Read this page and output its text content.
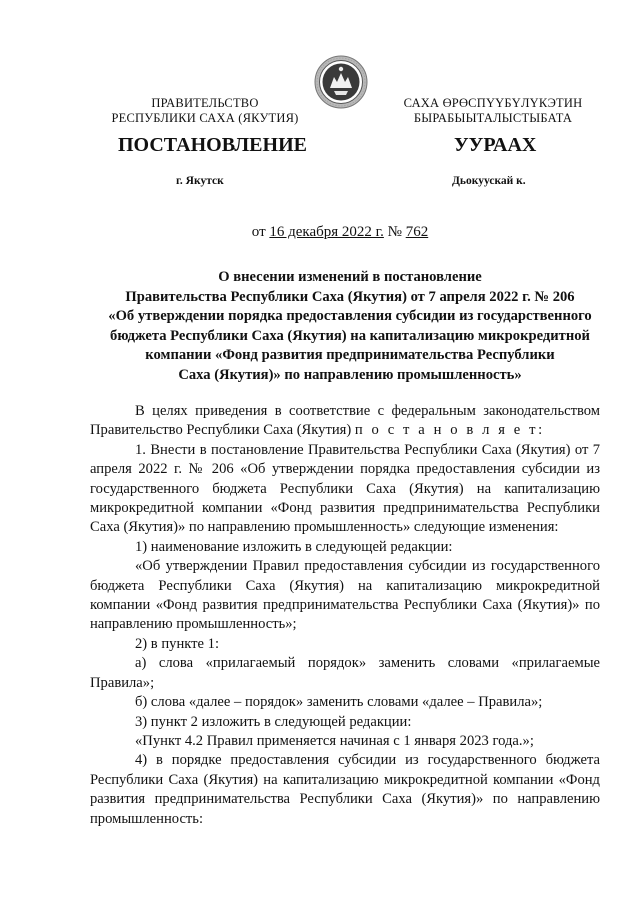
ПРАВИТЕЛЬСТВО
РЕСПУБЛИКИ САХА (ЯКУТИЯ)
САХА ӨРӨСПҮҮБҮЛҮКЭТИН
БЫРАБЫЫТАЛЫСТЫБАТА
ПОСТАНОВЛЕНИЕ	УУРААХ
г. Якутск	Дьокуускай к.
от 16 декабря 2022 г. № 762
О внесении изменений в постановление
Правительства Республики Саха (Якутия) от 7 апреля 2022 г. № 206
«Об утверждении порядка предоставления субсидии из государственного
бюджета Республики Саха (Якутия) на капитализацию микрокредитной
компании «Фонд развития предпринимательства Республики
Саха (Якутия)» по направлению промышленность»

В целях приведения в соответствие с федеральным законодательством Правительство Республики Саха (Якутия) п о с т а н о в л я е т:

1. Внести в постановление Правительства Республики Саха (Якутия) от 7 апреля 2022 г. № 206 «Об утверждении порядка предоставления субсидии из государственного бюджета Республики Саха (Якутия) на капитализацию микрокредитной компании «Фонд развития предпринимательства Республики Саха (Якутия)» по направлению промышленность» следующие изменения:

1) наименование изложить в следующей редакции:

«Об утверждении Правил предоставления субсидии из государственного бюджета Республики Саха (Якутия) на капитализацию микрокредитной компании «Фонд развития предпринимательства Республики Саха (Якутия)» по направлению промышленность»;

2) в пункте 1:

а) слова «прилагаемый порядок» заменить словами «прилагаемые Правила»;

б) слова «далее – порядок» заменить словами «далее – Правила»;

3) пункт 2 изложить в следующей редакции:

«Пункт 4.2 Правил применяется начиная с 1 января 2023 года.»;

4) в порядке предоставления субсидии из государственного бюджета Республики Саха (Якутия) на капитализацию микрокредитной компании «Фонд развития предпринимательства Республики Саха (Якутия)» по направлению промышленность:
